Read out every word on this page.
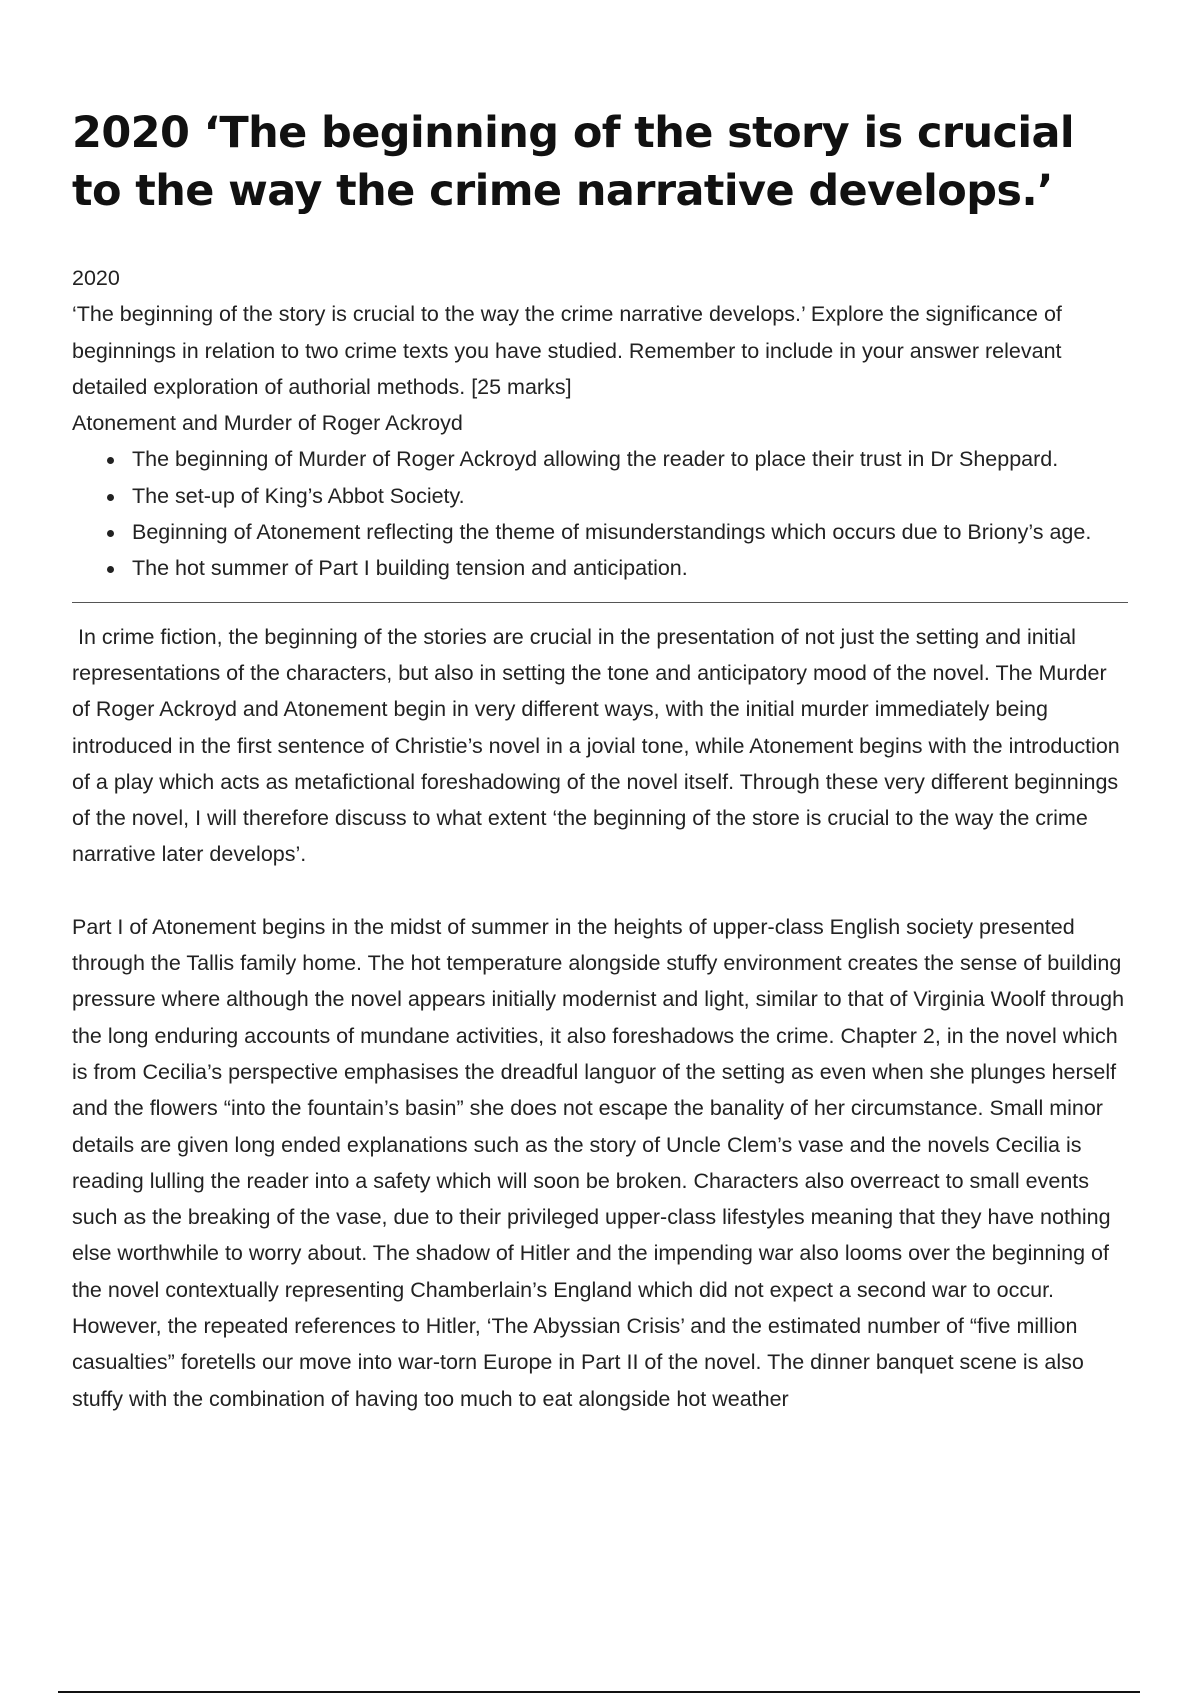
2020 ‘The beginning of the story is crucial to the way the crime narrative develops.’

2020

‘The beginning of the story is crucial to the way the crime narrative develops.’ Explore the significance of beginnings in relation to two crime texts you have studied. Remember to include in your answer relevant detailed exploration of authorial methods. [25 marks]

Atonement and Murder of Roger Ackroyd

The beginning of Murder of Roger Ackroyd allowing the reader to place their trust in Dr Sheppard.
The set-up of King’s Abbot Society.
Beginning of Atonement reflecting the theme of misunderstandings which occurs due to Briony’s age.
The hot summer of Part I building tension and anticipation.

In crime fiction, the beginning of the stories are crucial in the presentation of not just the setting and initial representations of the characters, but also in setting the tone and anticipatory mood of the novel. The Murder of Roger Ackroyd and Atonement begin in very different ways, with the initial murder immediately being introduced in the first sentence of Christie’s novel in a jovial tone, while Atonement begins with the introduction of a play which acts as metafictional foreshadowing of the novel itself. Through these very different beginnings of the novel, I will therefore discuss to what extent ‘the beginning of the store is crucial to the way the crime narrative later develops’.

Part I of Atonement begins in the midst of summer in the heights of upper-class English society presented through the Tallis family home. The hot temperature alongside stuffy environment creates the sense of building pressure where although the novel appears initially modernist and light, similar to that of Virginia Woolf through the long enduring accounts of mundane activities, it also foreshadows the crime. Chapter 2, in the novel which is from Cecilia’s perspective emphasises the dreadful languor of the setting as even when she plunges herself and the flowers “into the fountain’s basin” she does not escape the banality of her circumstance. Small minor details are given long ended explanations such as the story of Uncle Clem’s vase and the novels Cecilia is reading lulling the reader into a safety which will soon be broken. Characters also overreact to small events such as the breaking of the vase, due to their privileged upper-class lifestyles meaning that they have nothing else worthwhile to worry about. The shadow of Hitler and the impending war also looms over the beginning of the novel contextually representing Chamberlain’s England which did not expect a second war to occur. However, the repeated references to Hitler, ‘The Abyssian Crisis’ and the estimated number of “five million casualties” foretells our move into war-torn Europe in Part II of the novel. The dinner banquet scene is also stuffy with the combination of having too much to eat alongside hot weather
